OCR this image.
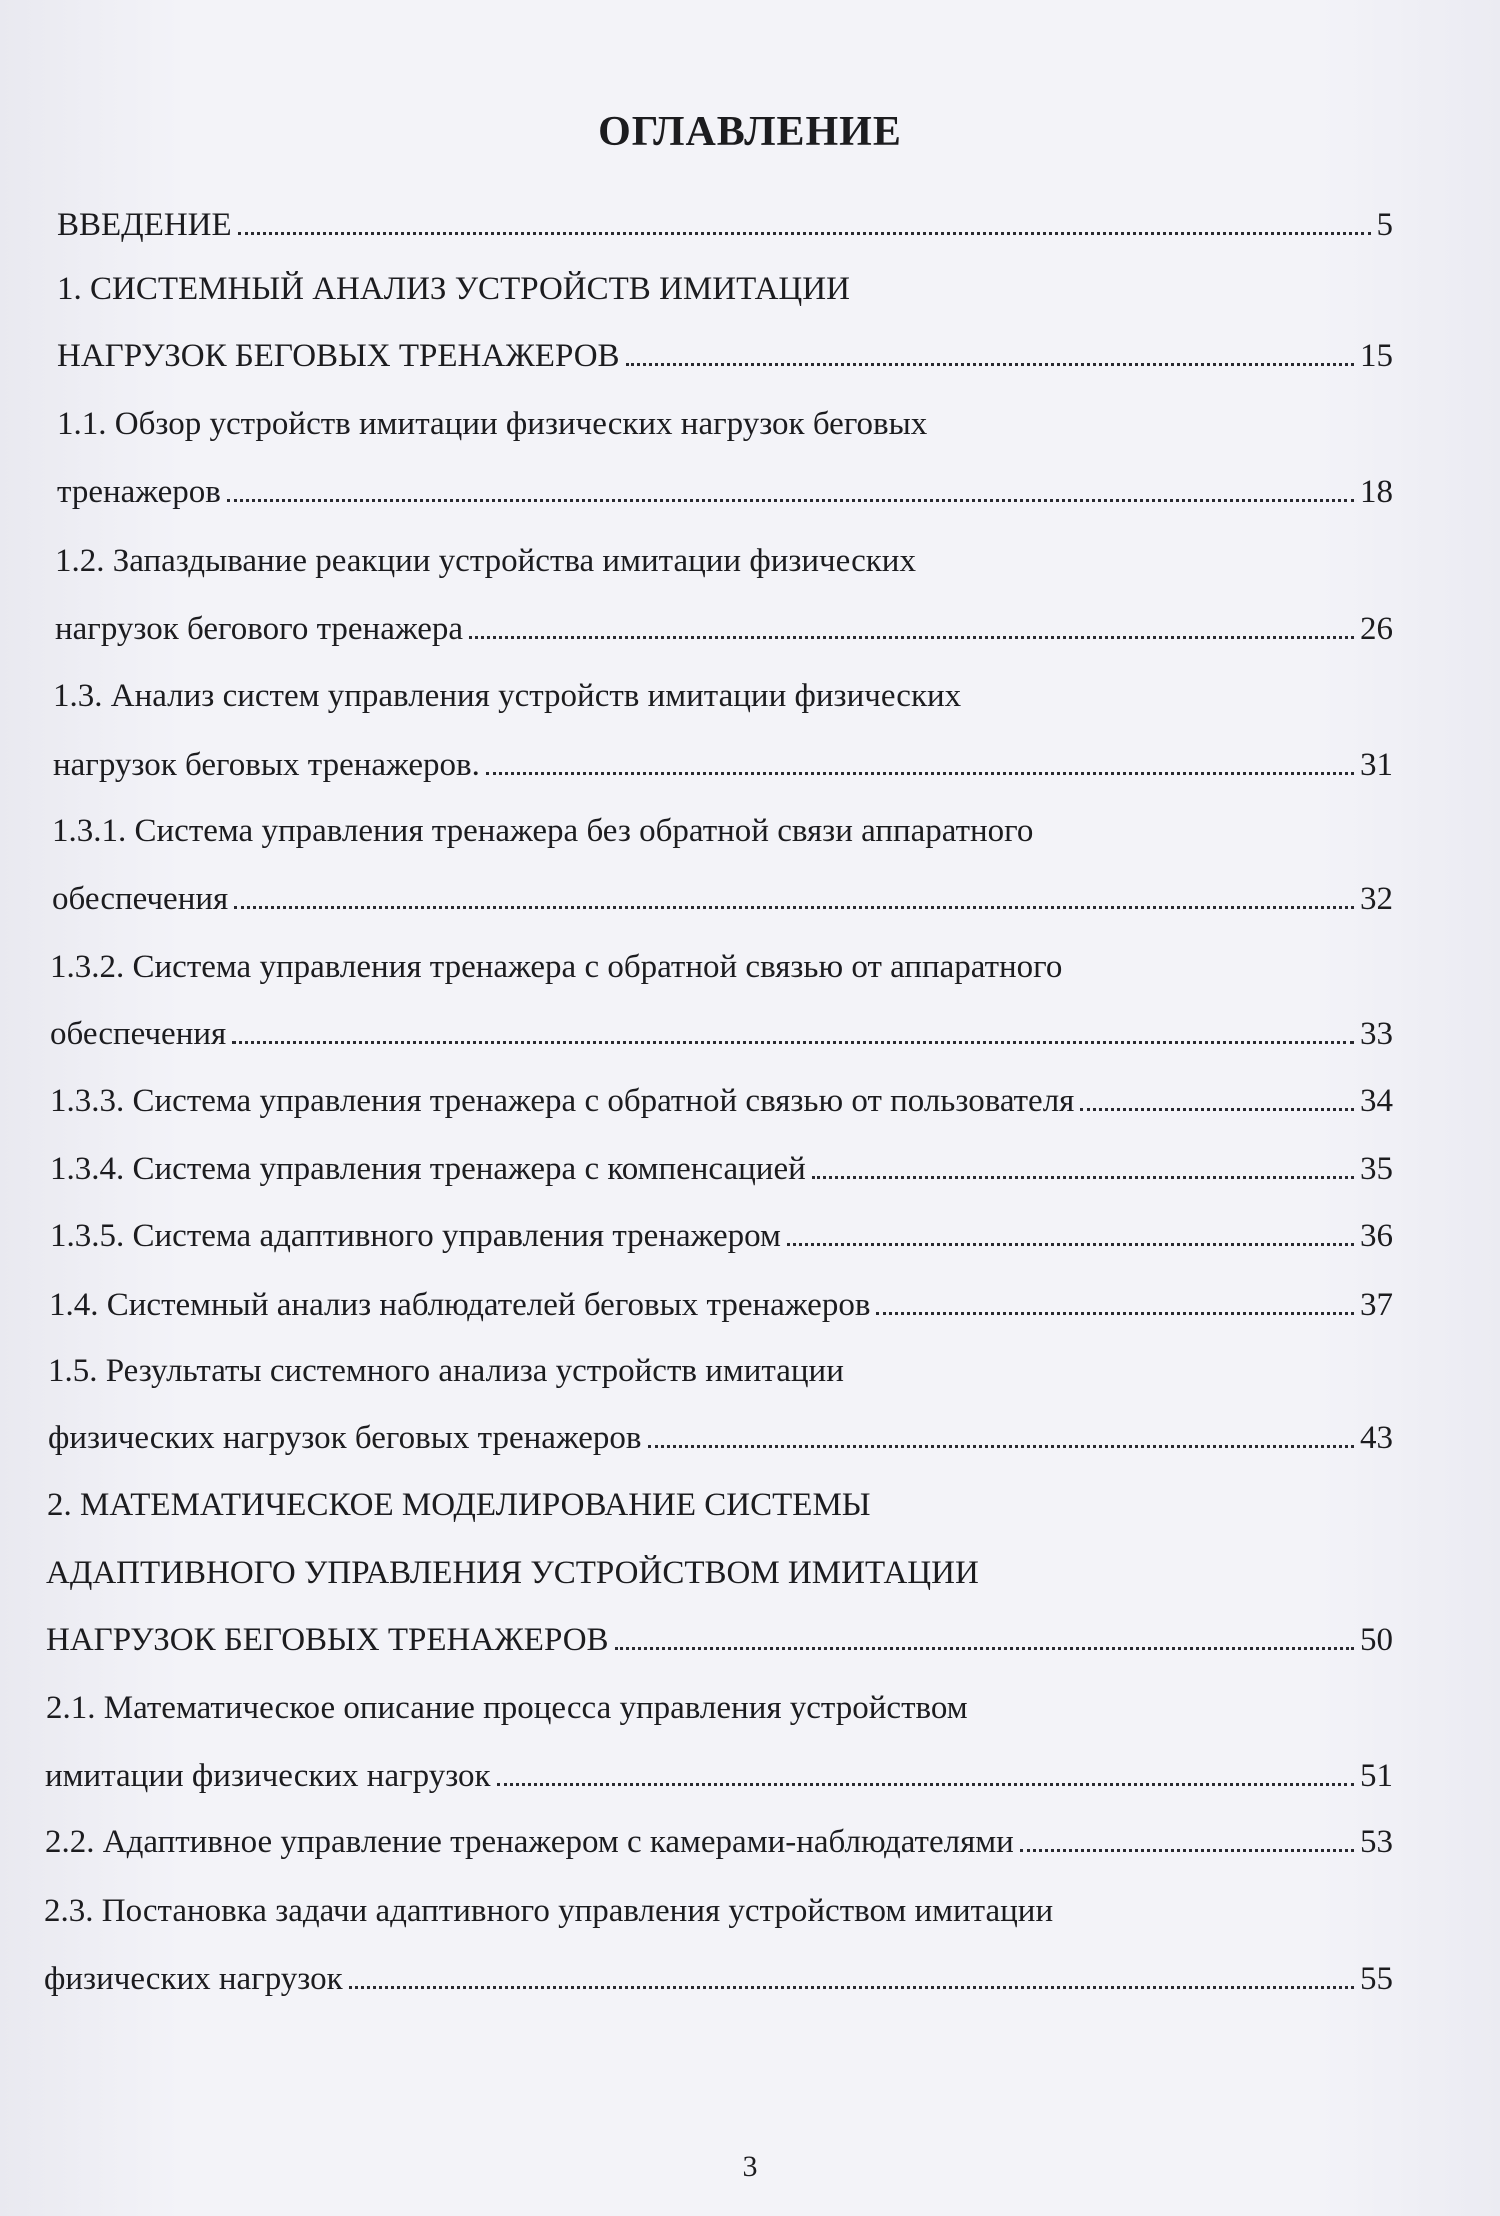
ОГЛАВЛЕНИЕ
ВВЕДЕНИЕ	5
1. СИСТЕМНЫЙ АНАЛИЗ УСТРОЙСТВ ИМИТАЦИИ
НАГРУЗОК БЕГОВЫХ ТРЕНАЖЕРОВ	15
1.1. Обзор устройств имитации физических нагрузок беговых
тренажеров	18
1.2. Запаздывание реакции устройства имитации физических
нагрузок бегового тренажера	26
1.3. Анализ систем управления устройств имитации физических
нагрузок беговых тренажеров.	31
1.3.1. Система управления тренажера без обратной связи аппаратного
обеспечения	32
1.3.2. Система управления тренажера с обратной связью от аппаратного
обеспечения	33
1.3.3. Система управления тренажера с обратной связью от пользователя	34
1.3.4. Система управления тренажера с компенсацией	35
1.3.5. Система адаптивного управления тренажером	36
1.4. Системный анализ наблюдателей беговых тренажеров	37
1.5. Результаты системного анализа устройств имитации
физических нагрузок беговых тренажеров	43
2. МАТЕМАТИЧЕСКОЕ МОДЕЛИРОВАНИЕ СИСТЕМЫ
АДАПТИВНОГО УПРАВЛЕНИЯ УСТРОЙСТВОМ ИМИТАЦИИ
НАГРУЗОК БЕГОВЫХ ТРЕНАЖЕРОВ	50
2.1. Математическое описание процесса управления устройством
имитации физических нагрузок	51
2.2. Адаптивное управление тренажером с камерами-наблюдателями	53
2.3. Постановка задачи адаптивного управления устройством имитации
физических нагрузок	55
3
